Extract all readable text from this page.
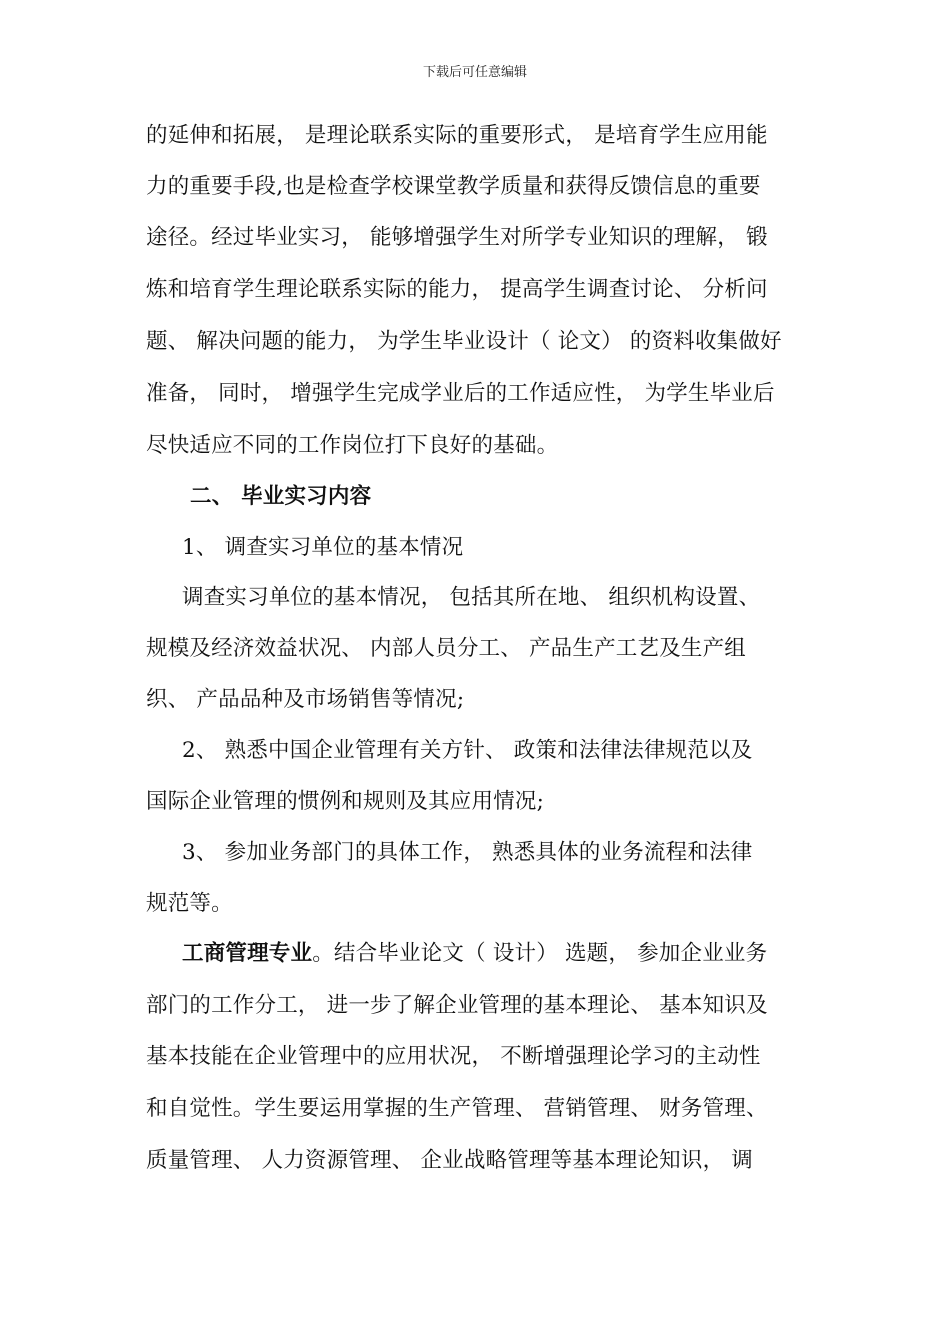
下载后可任意编辑
的延伸和拓展， 是理论联系实际的重要形式， 是培育学生应用能
力的重要手段,也是检查学校课堂教学质量和获得反馈信息的重要
途径。经过毕业实习， 能够增强学生对所学专业知识的理解， 锻
炼和培育学生理论联系实际的能力， 提高学生调查讨论、 分析问
题、 解决问题的能力， 为学生毕业设计（ 论文） 的资料收集做好
准备， 同时， 增强学生完成学业后的工作适应性， 为学生毕业后
尽快适应不同的工作岗位打下良好的基础。
二、 毕业实习内容
1、 调查实习单位的基本情况
调查实习单位的基本情况， 包括其所在地、 组织机构设置、
规模及经济效益状况、 内部人员分工、 产品生产工艺及生产组
织、 产品品种及市场销售等情况;
2、 熟悉中国企业管理有关方针、 政策和法律法律规范以及
国际企业管理的惯例和规则及其应用情况;
3、 参加业务部门的具体工作， 熟悉具体的业务流程和法律
规范等。
工商管理专业。结合毕业论文（ 设计） 选题， 参加企业业务
部门的工作分工， 进一步了解企业管理的基本理论、 基本知识及
基本技能在企业管理中的应用状况， 不断增强理论学习的主动性
和自觉性。学生要运用掌握的生产管理、 营销管理、 财务管理、
质量管理、 人力资源管理、 企业战略管理等基本理论知识， 调
